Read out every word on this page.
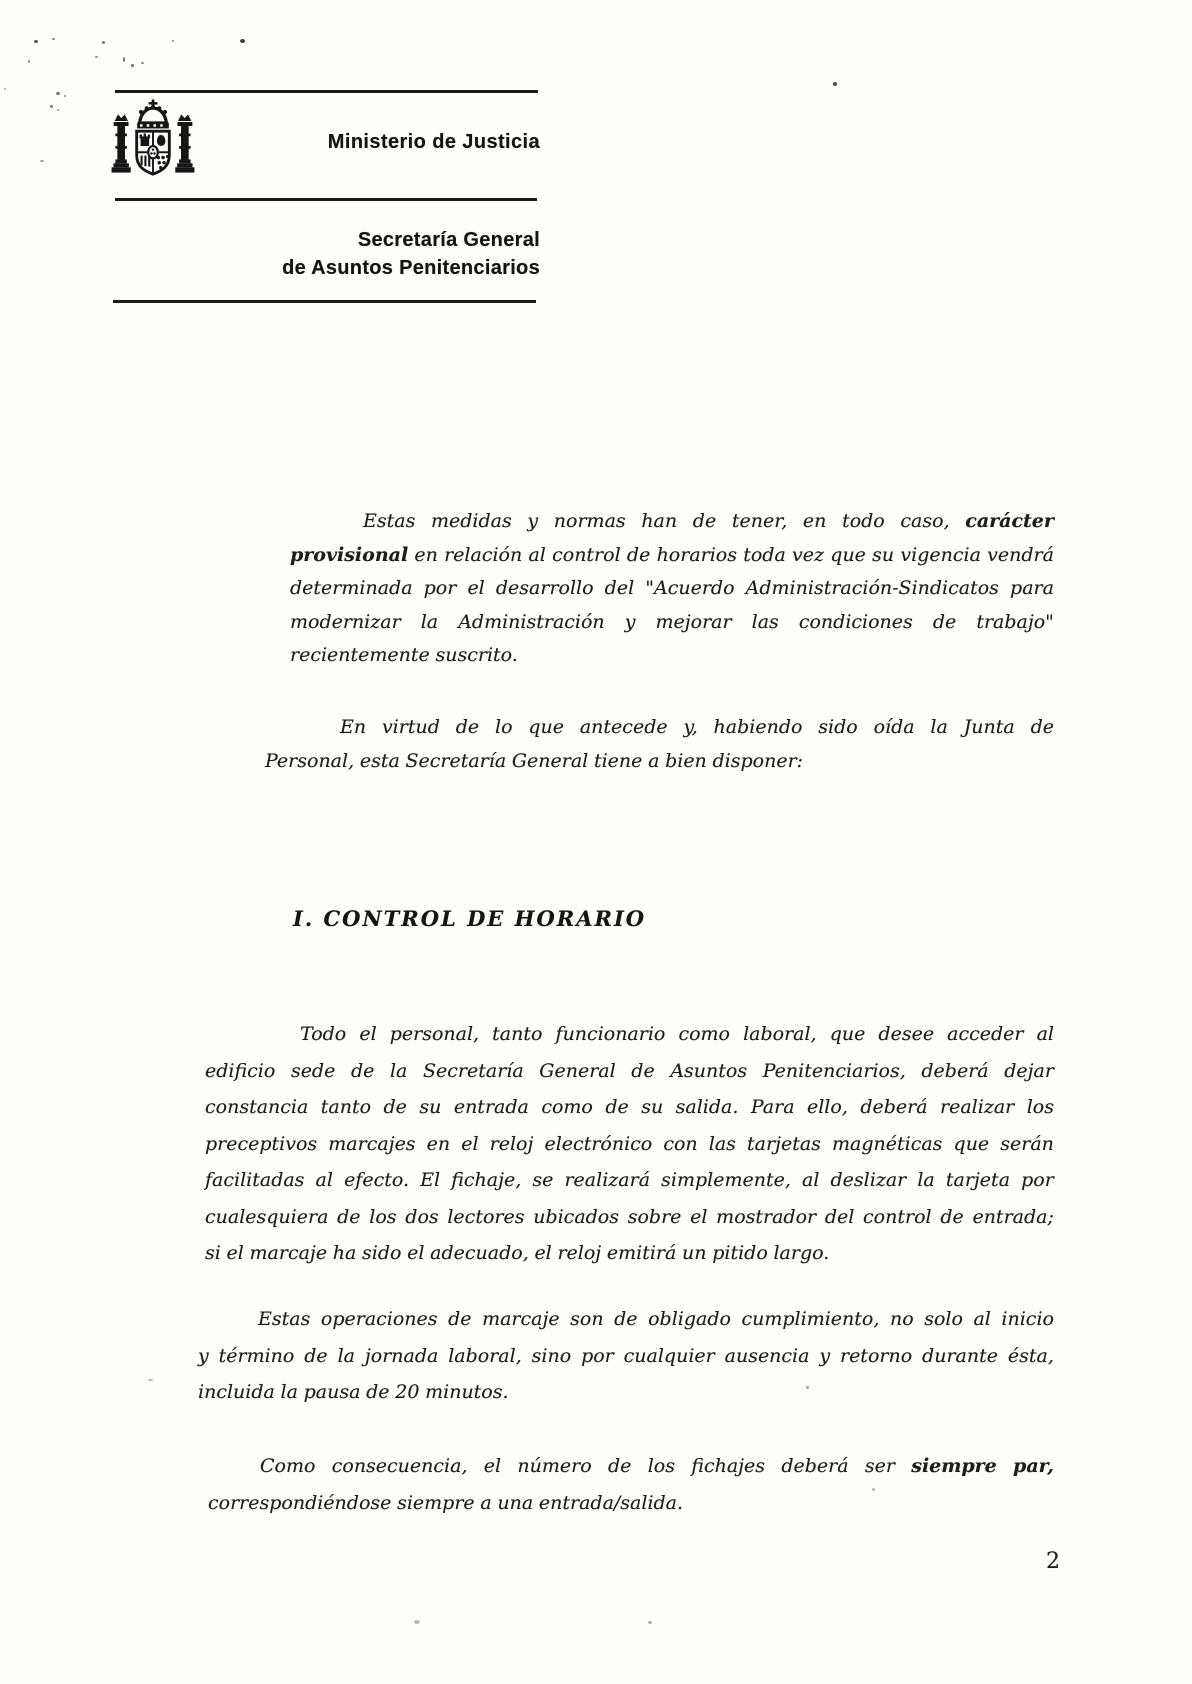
Ministerio de Justicia
Secretaría General
de Asuntos Penitenciarios
Estas medidas y normas han de tener, en todo caso, carácter
provisional en relación al control de horarios toda vez que su vigencia vendrá
determinada por el desarrollo del "Acuerdo Administración-Sindicatos para
modernizar la Administración y mejorar las condiciones de trabajo"
recientemente suscrito.
En virtud de lo que antecede y, habiendo sido oída la Junta de
Personal, esta Secretaría General tiene a bien disponer:
I. CONTROL DE HORARIO
Todo el personal, tanto funcionario como laboral, que desee acceder al
edificio sede de la Secretaría General de Asuntos Penitenciarios, deberá dejar
constancia tanto de su entrada como de su salida. Para ello, deberá realizar los
preceptivos marcajes en el reloj electrónico con las tarjetas magnéticas que serán
facilitadas al efecto. El fichaje, se realizará simplemente, al deslizar la tarjeta por
cualesquiera de los dos lectores ubicados sobre el mostrador del control de entrada;
si el marcaje ha sido el adecuado, el reloj emitirá un pitido largo.
Estas operaciones de marcaje son de obligado cumplimiento, no solo al inicio
y término de la jornada laboral, sino por cualquier ausencia y retorno durante ésta,
incluida la pausa de 20 minutos.
Como consecuencia, el número de los fichajes deberá ser siempre par,
correspondiéndose siempre a una entrada/salida.
2
